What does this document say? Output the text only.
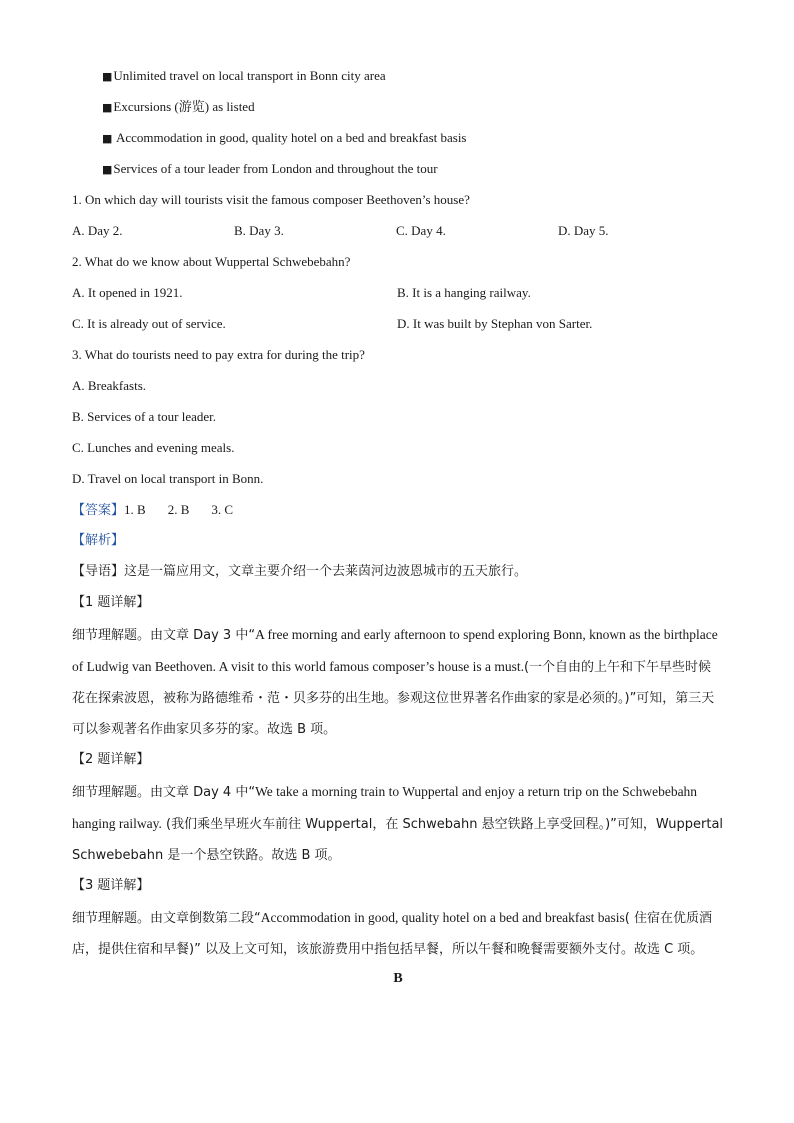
■Unlimited travel on local transport in Bonn city area
■Excursions (游览) as listed
■ Accommodation in good, quality hotel on a bed and breakfast basis
■Services of a tour leader from London and throughout the tour
1. On which day will tourists visit the famous composer Beethoven’s house?
A. Day 2.	B. Day 3.	C. Day 4.	D. Day 5.
2. What do we know about Wuppertal Schwebebahn?
A. It opened in 1921.	B. It is a hanging railway.
C. It is already out of service.	D. It was built by Stephan von Sarter.
3. What do tourists need to pay extra for during the trip?
A. Breakfasts.
B. Services of a tour leader.
C. Lunches and evening meals.
D. Travel on local transport in Bonn.
【答案】1. B 2. B 3. C
【解析】
【导语】这是一篇应用文，文章主要介绍一个去莱茵河边波恩城市的五天旅行。
【1 题详解】
细节理解题。由文章 Day 3 中“A free morning and early afternoon to spend exploring Bonn, known as the birthplace of Ludwig van Beethoven. A visit to this world famous composer’s house is a must.(一个自由的上午和下午早些时候花在探索波恩，被称为路德维希・范・贝多芬的出生地。参观这位世界著名作曲家的家是必须的。)”可知，第三天可以参观著名作曲家贝多芬的家。故选 B 项。
【2 题详解】
细节理解题。由文章 Day 4 中“We take a morning train to Wuppertal and enjoy a return trip on the Schwebebahn hanging railway. (我们乘坐早班火车前往 Wuppertal，在 Schwebahn 悬空铁路上享受回程。)”可知，Wuppertal Schwebebahn 是一个悬空铁路。故选 B 项。
【3 题详解】
细节理解题。由文章倒数第二段“Accommodation in good, quality hotel on a bed and breakfast basis( 住宿在优质酒店，提供住宿和早餐)” 以及上文可知，该旅游费用中指包括早餐，所以午餐和晚餐需要额外支付。故选 C 项。
B
